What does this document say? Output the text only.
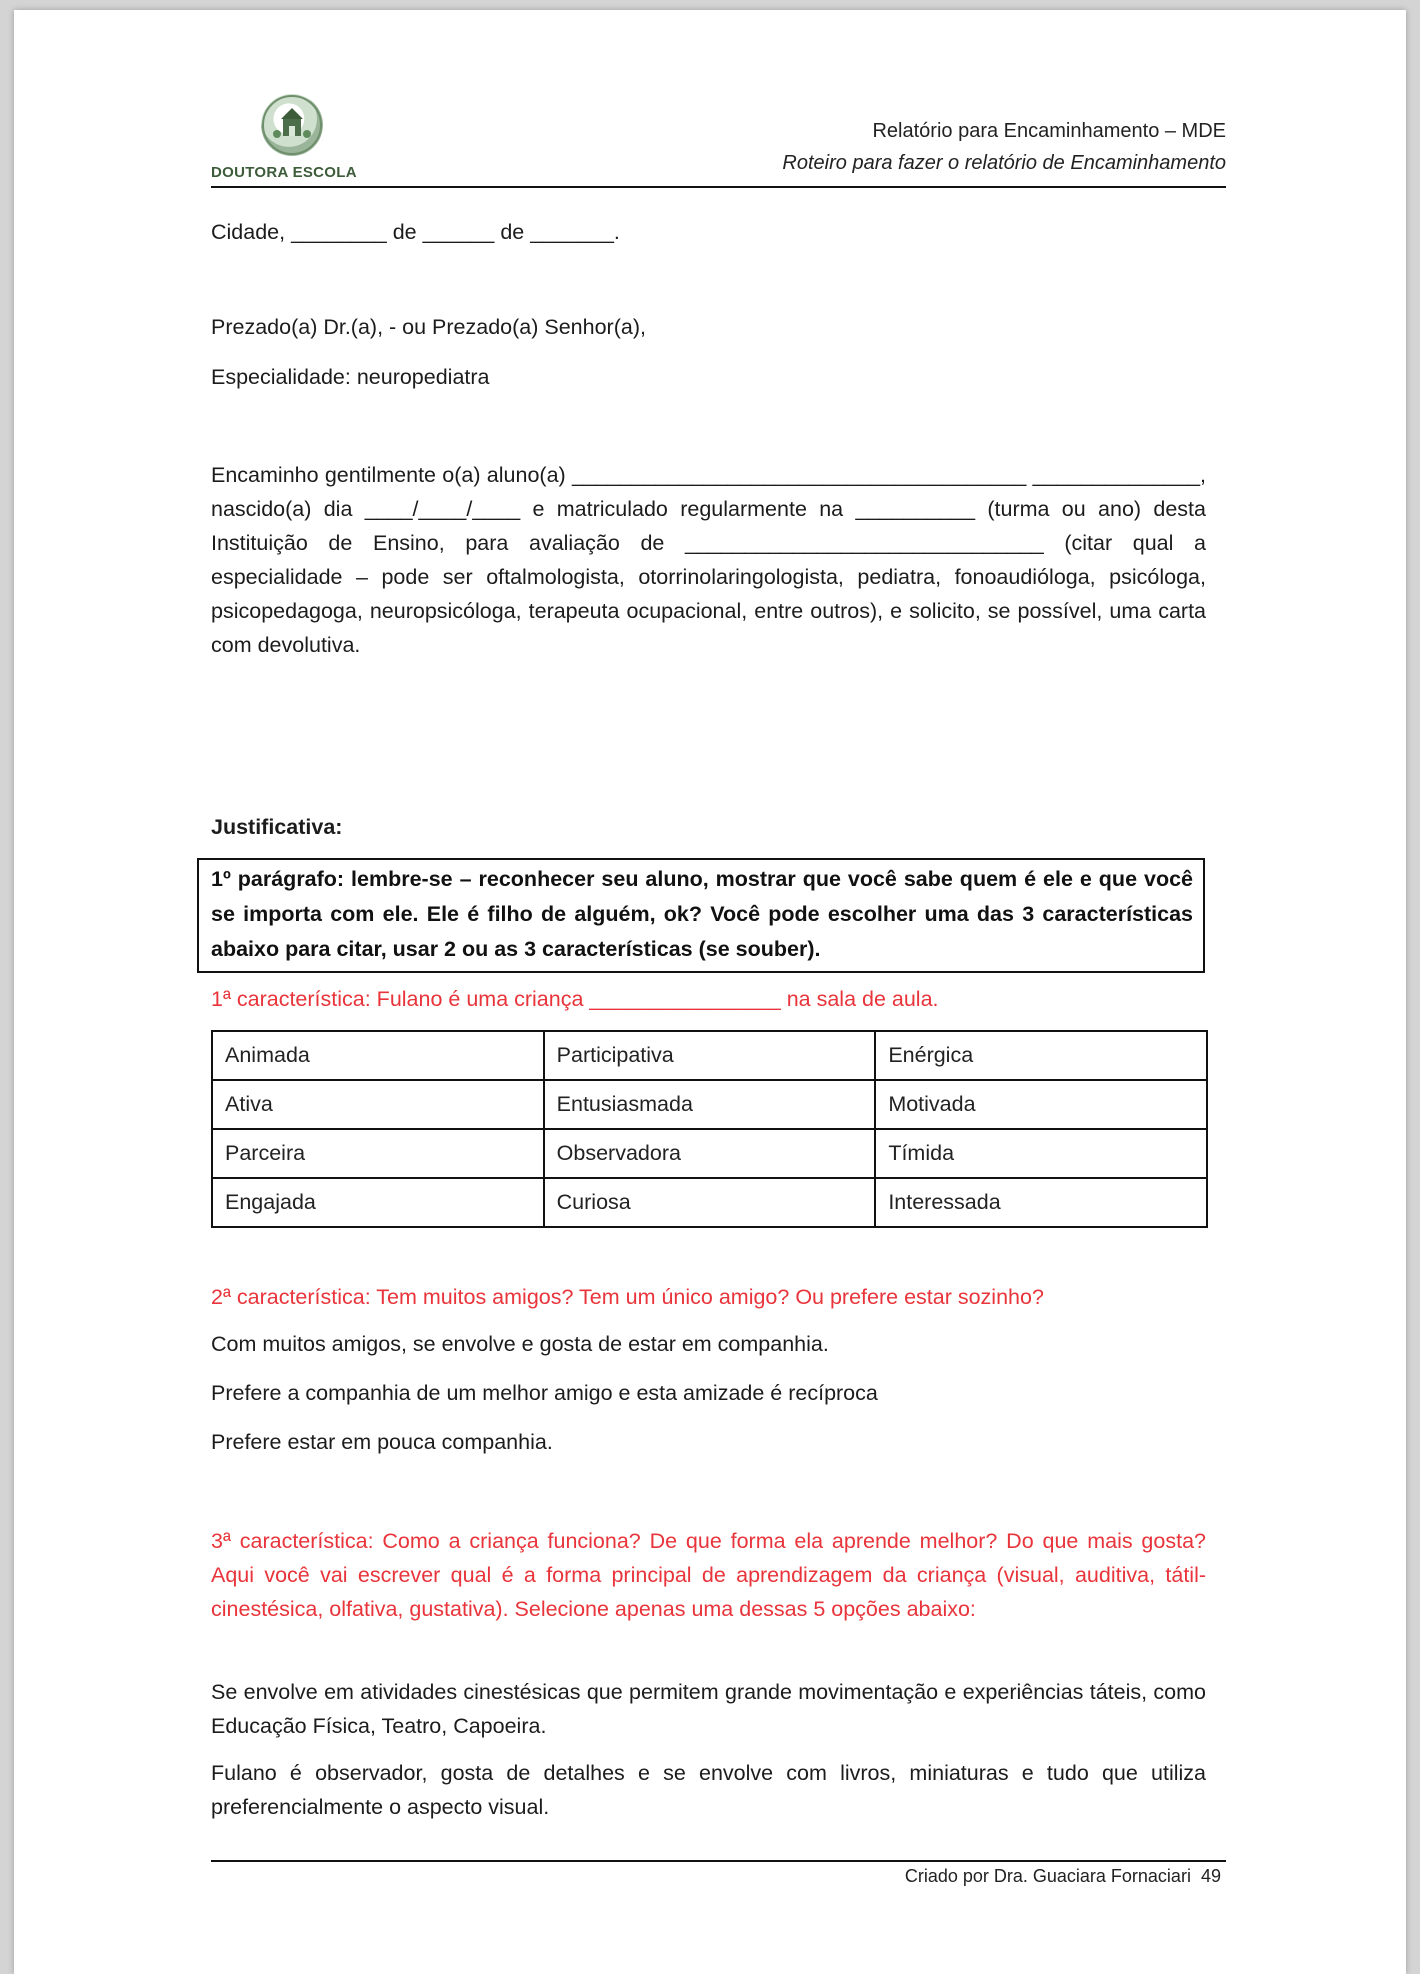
DOUTORA ESCOLA
Relatório para Encaminhamento – MDE
Roteiro para fazer o relatório de Encaminhamento
Cidade, ________ de ______ de _______.
Prezado(a) Dr.(a), - ou Prezado(a) Senhor(a),
Especialidade: neuropediatra
Encaminho gentilmente o(a) aluno(a) ______________________________________ ______________, nascido(a) dia ____/____/____ e matriculado regularmente na __________ (turma ou ano) desta Instituição de Ensino, para avaliação de ______________________________ (citar qual a especialidade – pode ser oftalmologista, otorrinolaringologista, pediatra, fonoaudióloga, psicóloga, psicopedagoga, neuropsicóloga, terapeuta ocupacional, entre outros), e solicito, se possível, uma carta com devolutiva.
Justificativa:
1º parágrafo: lembre-se – reconhecer seu aluno, mostrar que você sabe quem é ele e que você se importa com ele. Ele é filho de alguém, ok? Você pode escolher uma das 3 características abaixo para citar, usar 2 ou as 3 características (se souber).
1ª característica: Fulano é uma criança ________________ na sala de aula.
Animada	Participativa	Enérgica
Ativa	Entusiasmada	Motivada
Parceira	Observadora	Tímida
Engajada	Curiosa	Interessada
2ª característica: Tem muitos amigos? Tem um único amigo? Ou prefere estar sozinho?
Com muitos amigos, se envolve e gosta de estar em companhia.
Prefere a companhia de um melhor amigo e esta amizade é recíproca
Prefere estar em pouca companhia.
3ª característica: Como a criança funciona? De que forma ela aprende melhor? Do que mais gosta? Aqui você vai escrever qual é a forma principal de aprendizagem da criança (visual, auditiva, tátil-cinestésica, olfativa, gustativa). Selecione apenas uma dessas 5 opções abaixo:
Se envolve em atividades cinestésicas que permitem grande movimentação e experiências táteis, como Educação Física, Teatro, Capoeira.
Fulano é observador, gosta de detalhes e se envolve com livros, miniaturas e tudo que utiliza preferencialmente o aspecto visual.
Criado por Dra. Guaciara Fornaciari 49
